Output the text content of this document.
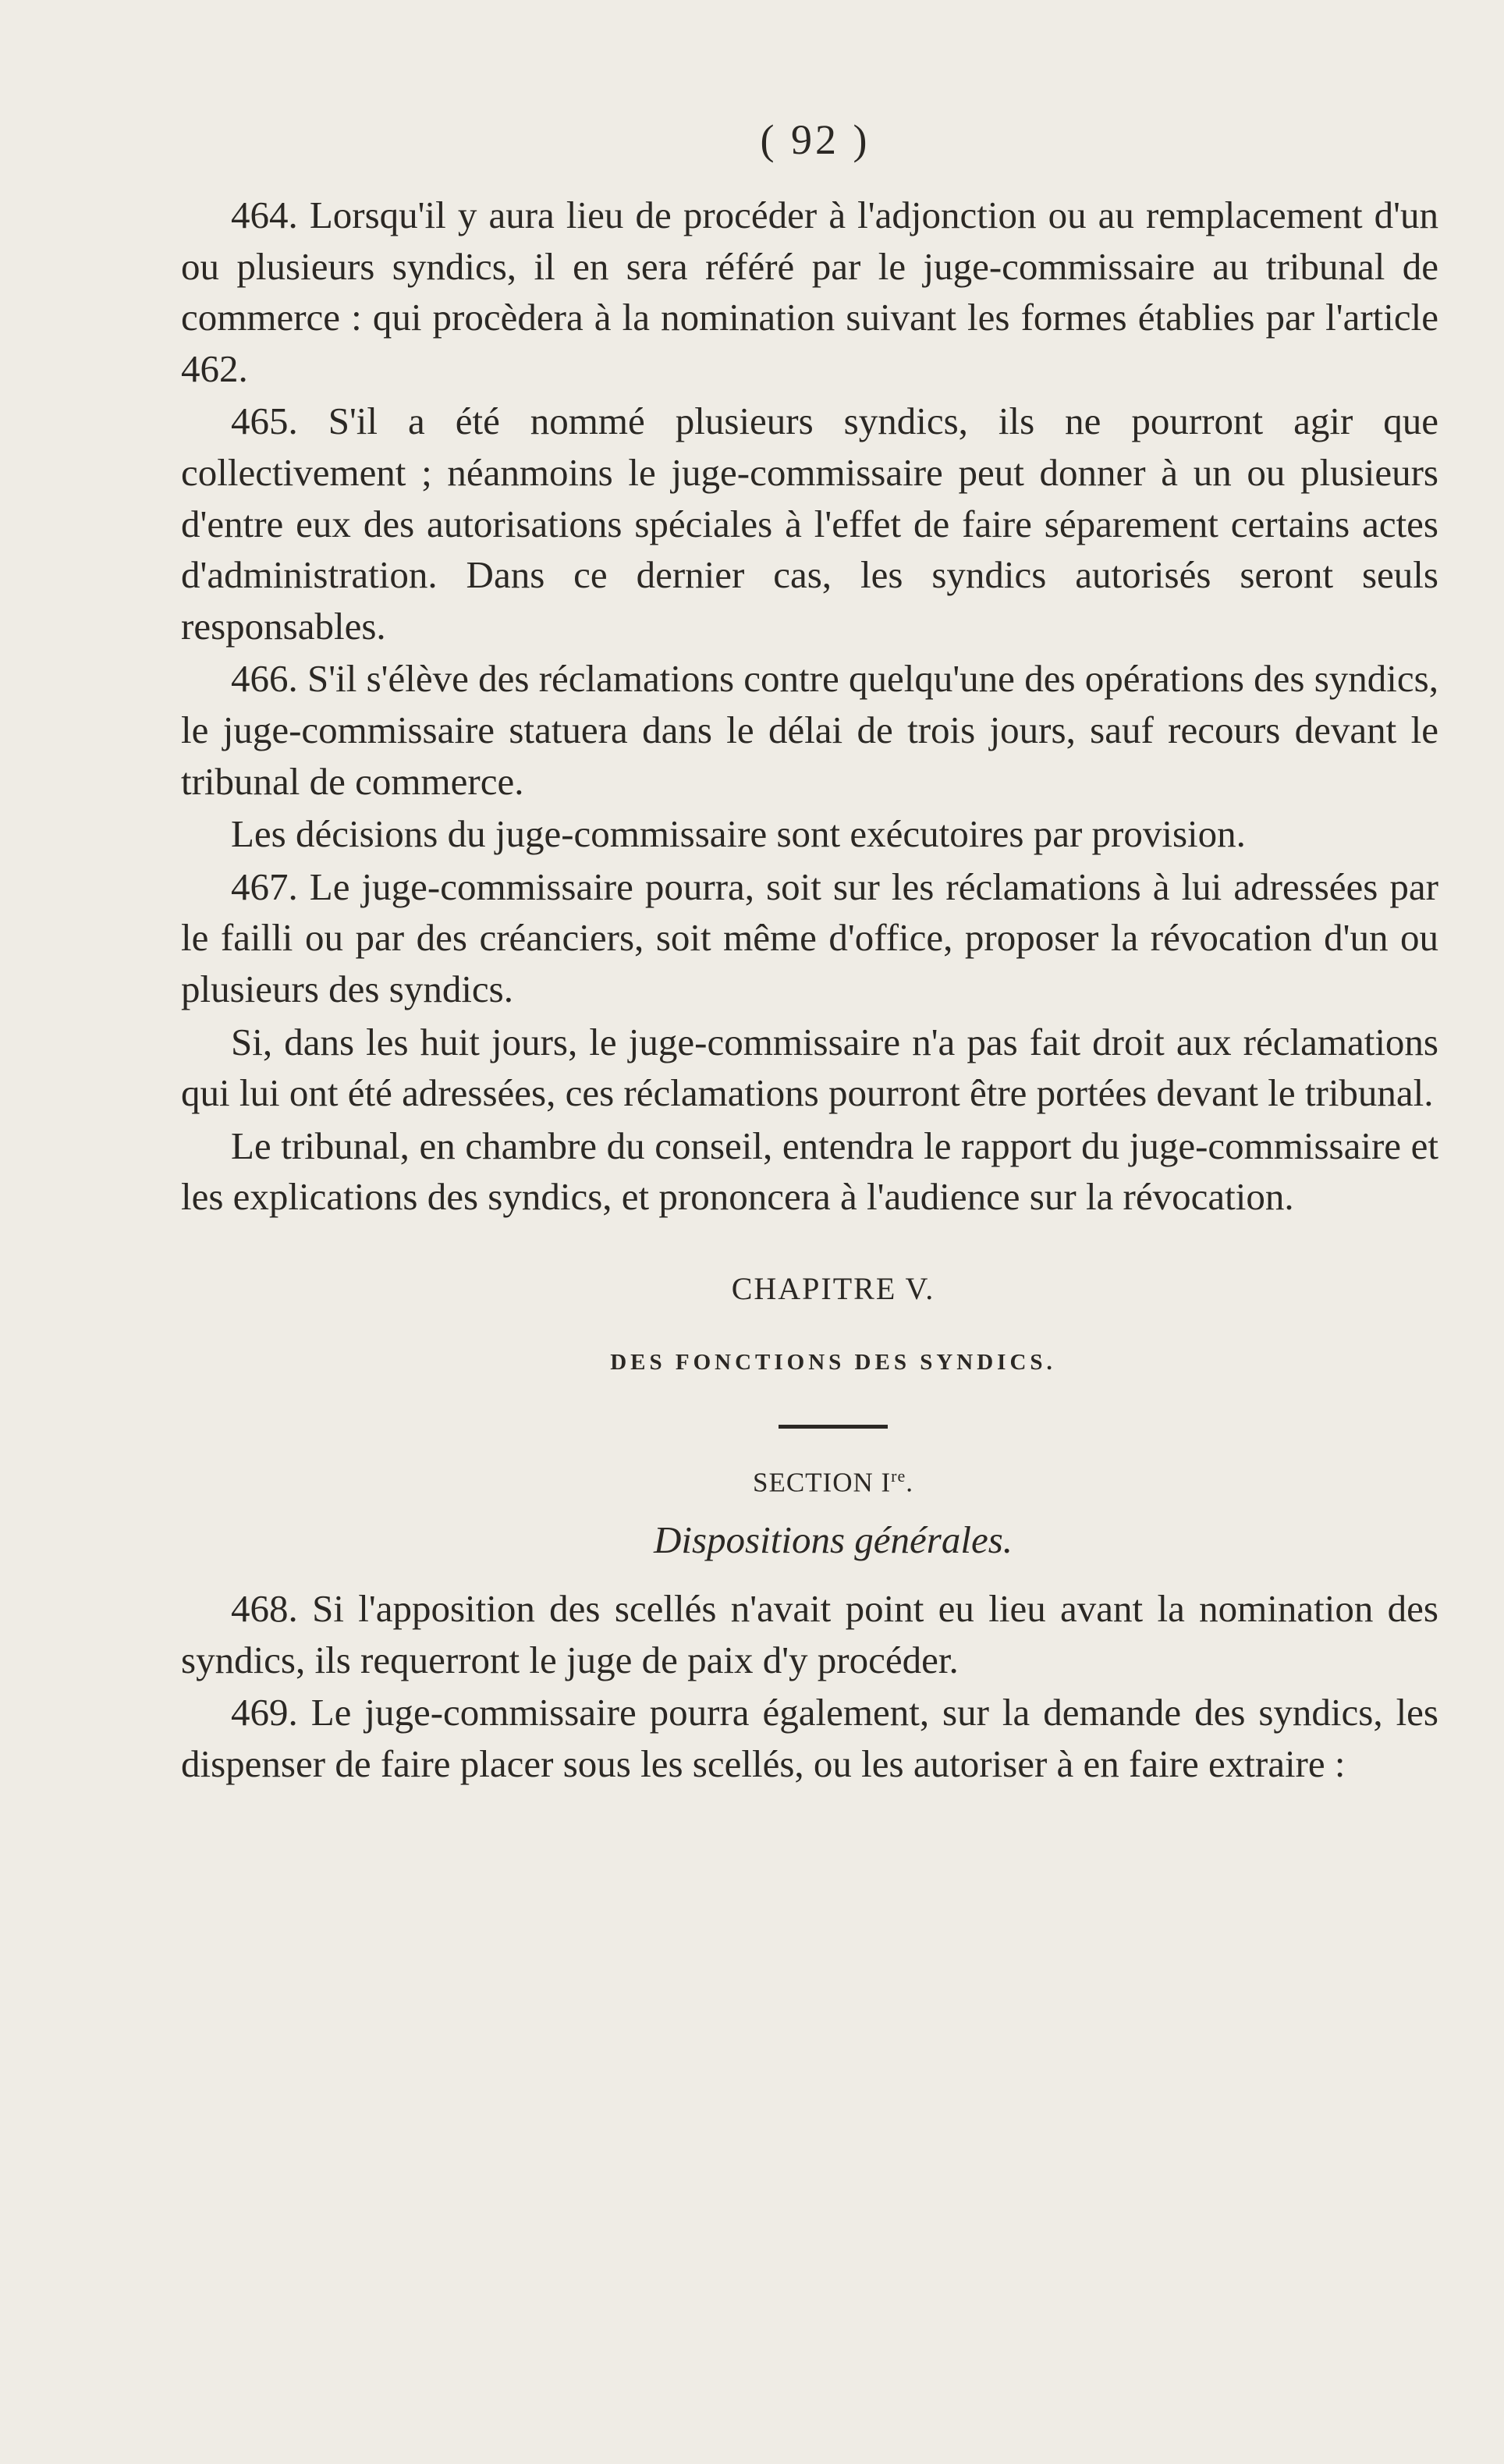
( 92 )

464. Lorsqu'il y aura lieu de procéder à l'adjonction ou au remplacement d'un ou plusieurs syndics, il en sera référé par le juge-commissaire au tribunal de commerce : qui procèdera à la nomination suivant les formes établies par l'article 462.

465. S'il a été nommé plusieurs syndics, ils ne pourront agir que collectivement ; néanmoins le juge-commissaire peut donner à un ou plusieurs d'entre eux des autorisations spéciales à l'effet de faire séparement certains actes d'administration. Dans ce dernier cas, les syndics autorisés seront seuls responsables.

466. S'il s'élève des réclamations contre quelqu'une des opérations des syndics, le juge-commissaire statuera dans le délai de trois jours, sauf recours devant le tribunal de commerce.

Les décisions du juge-commissaire sont exécutoires par provision.

467. Le juge-commissaire pourra, soit sur les réclamations à lui adressées par le failli ou par des créanciers, soit même d'office, proposer la révocation d'un ou plusieurs des syndics.

Si, dans les huit jours, le juge-commissaire n'a pas fait droit aux réclamations qui lui ont été adressées, ces réclamations pourront être portées devant le tribunal.

Le tribunal, en chambre du conseil, entendra le rapport du juge-commissaire et les explications des syndics, et prononcera à l'audience sur la révocation.

CHAPITRE V.
DES FONCTIONS DES SYNDICS.
SECTION Ire.
Dispositions générales.

468. Si l'apposition des scellés n'avait point eu lieu avant la nomination des syndics, ils requerront le juge de paix d'y procéder.

469. Le juge-commissaire pourra également, sur la demande des syndics, les dispenser de faire placer sous les scellés, ou les autoriser à en faire extraire :
